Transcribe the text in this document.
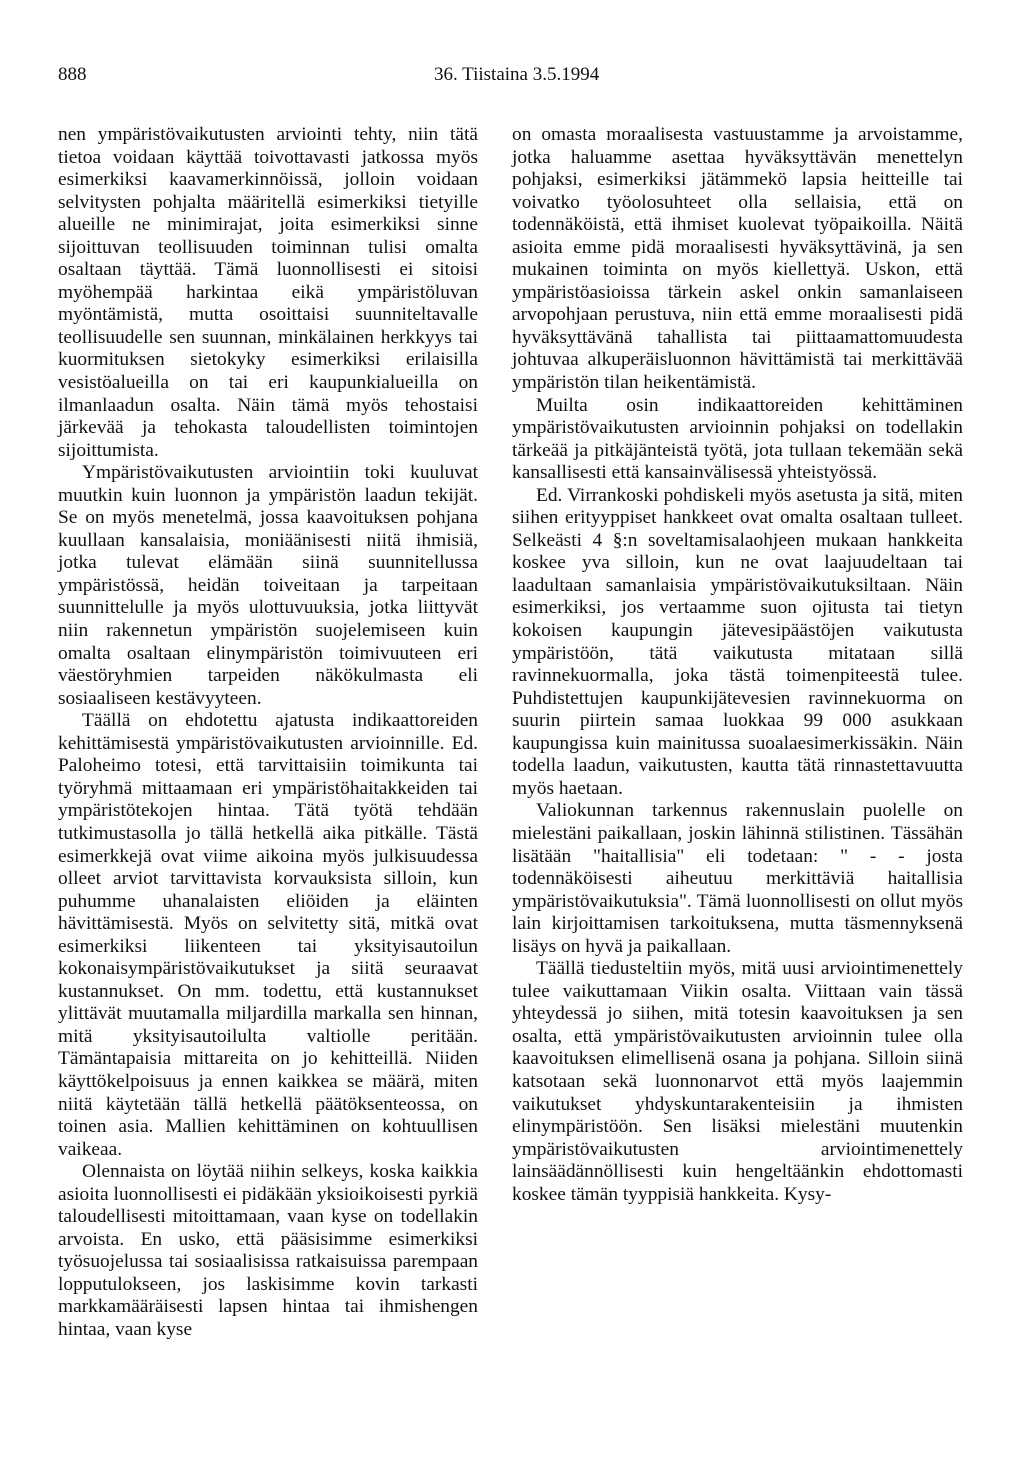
888	36. Tiistaina 3.5.1994

nen ympäristövaikutusten arviointi tehty, niin tätä tietoa voidaan käyttää toivottavasti jatkossa myös esimerkiksi kaavamerkinnöissä, jolloin voidaan selvitysten pohjalta määritellä esimerkiksi tietyille alueille ne minimirajat, joita esimerkiksi sinne sijoittuvan teollisuuden toiminnan tulisi omalta osaltaan täyttää. Tämä luonnollisesti ei sitoisi myöhempää harkintaa eikä ympäristöluvan myöntämistä, mutta osoittaisi suunniteltavalle teollisuudelle sen suunnan, minkälainen herkkyys tai kuormituksen sietokyky esimerkiksi erilaisilla vesistöalueilla on tai eri kaupunkialueilla on ilmanlaadun osalta. Näin tämä myös tehostaisi järkevää ja tehokasta taloudellisten toimintojen sijoittumista.

Ympäristövaikutusten arviointiin toki kuuluvat muutkin kuin luonnon ja ympäristön laadun tekijät. Se on myös menetelmä, jossa kaavoituksen pohjana kuullaan kansalaisia, moniäänisesti niitä ihmisiä, jotka tulevat elämään siinä suunnitellussa ympäristössä, heidän toiveitaan ja tarpeitaan suunnittelulle ja myös ulottuvuuksia, jotka liittyvät niin rakennetun ympäristön suojelemiseen kuin omalta osaltaan elinympäristön toimivuuteen eri väestöryhmien tarpeiden näkökulmasta eli sosiaaliseen kestävyyteen.

Täällä on ehdotettu ajatusta indikaattoreiden kehittämisestä ympäristövaikutusten arvioinnille. Ed. Paloheimo totesi, että tarvittaisiin toimikunta tai työryhmä mittaamaan eri ympäristöhaitakkeiden tai ympäristötekojen hintaa. Tätä työtä tehdään tutkimustasolla jo tällä hetkellä aika pitkälle. Tästä esimerkkejä ovat viime aikoina myös julkisuudessa olleet arviot tarvittavista korvauksista silloin, kun puhumme uhanalaisten eliöiden ja eläinten hävittämisestä. Myös on selvitetty sitä, mitkä ovat esimerkiksi liikenteen tai yksityisautoilun kokonaisympäristövaikutukset ja siitä seuraavat kustannukset. On mm. todettu, että kustannukset ylittävät muutamalla miljardilla markalla sen hinnan, mitä yksityisautoilulta valtiolle peritään. Tämäntapaisia mittareita on jo kehitteillä. Niiden käyttökelpoisuus ja ennen kaikkea se määrä, miten niitä käytetään tällä hetkellä päätöksenteossa, on toinen asia. Mallien kehittäminen on kohtuullisen vaikeaa.

Olennaista on löytää niihin selkeys, koska kaikkia asioita luonnollisesti ei pidäkään yksioikoisesti pyrkiä taloudellisesti mitoittamaan, vaan kyse on todellakin arvoista. En usko, että pääsisimme esimerkiksi työsuojelussa tai sosiaalisissa ratkaisuissa parempaan lopputulokseen, jos laskisimme kovin tarkasti markkamääräisesti lapsen hintaa tai ihmishengen hintaa, vaan kyse

on omasta moraalisesta vastuustamme ja arvoistamme, jotka haluamme asettaa hyväksyttävän menettelyn pohjaksi, esimerkiksi jätämmekö lapsia heitteille tai voivatko työolosuhteet olla sellaisia, että on todennäköistä, että ihmiset kuolevat työpaikoilla. Näitä asioita emme pidä moraalisesti hyväksyttävinä, ja sen mukainen toiminta on myös kiellettyä. Uskon, että ympäristöasioissa tärkein askel onkin samanlaiseen arvopohjaan perustuva, niin että emme moraalisesti pidä hyväksyttävänä tahallista tai piittaamattomuudesta johtuvaa alkuperäisluonnon hävittämistä tai merkittävää ympäristön tilan heikentämistä.

Muilta osin indikaattoreiden kehittäminen ympäristövaikutusten arvioinnin pohjaksi on todellakin tärkeää ja pitkäjänteistä työtä, jota tullaan tekemään sekä kansallisesti että kansainvälisessä yhteistyössä.

Ed. Virrankoski pohdiskeli myös asetusta ja sitä, miten siihen erityyppiset hankkeet ovat omalta osaltaan tulleet. Selkeästi 4 §:n soveltamisalaohjeen mukaan hankkeita koskee yva silloin, kun ne ovat laajuudeltaan tai laadultaan samanlaisia ympäristövaikutuksiltaan. Näin esimerkiksi, jos vertaamme suon ojitusta tai tietyn kokoisen kaupungin jätevesipäästöjen vaikutusta ympäristöön, tätä vaikutusta mitataan sillä ravinnekuormalla, joka tästä toimenpiteestä tulee. Puhdistettujen kaupunkijätevesien ravinnekuorma on suurin piirtein samaa luokkaa 99 000 asukkaan kaupungissa kuin mainitussa suoalaesimerkissäkin. Näin todella laadun, vaikutusten, kautta tätä rinnastettavuutta myös haetaan.

Valiokunnan tarkennus rakennuslain puolelle on mielestäni paikallaan, joskin lähinnä stilistinen. Tässähän lisätään "haitallisia" eli todetaan: " - - josta todennäköisesti aiheutuu merkittäviä haitallisia ympäristövaikutuksia". Tämä luonnollisesti on ollut myös lain kirjoittamisen tarkoituksena, mutta täsmennyksenä lisäys on hyvä ja paikallaan.

Täällä tiedusteltiin myös, mitä uusi arviointimenettely tulee vaikuttamaan Viikin osalta. Viittaan vain tässä yhteydessä jo siihen, mitä totesin kaavoituksen ja sen osalta, että ympäristövaikutusten arvioinnin tulee olla kaavoituksen elimellisenä osana ja pohjana. Silloin siinä katsotaan sekä luonnonarvot että myös laajemmin vaikutukset yhdyskuntarakenteisiin ja ihmisten elinympäristöön. Sen lisäksi mielestäni muutenkin ympäristövaikutusten arviointimenettely lainsäädännöllisesti kuin hengeltäänkin ehdottomasti koskee tämän tyyppisiä hankkeita. Kysy-
